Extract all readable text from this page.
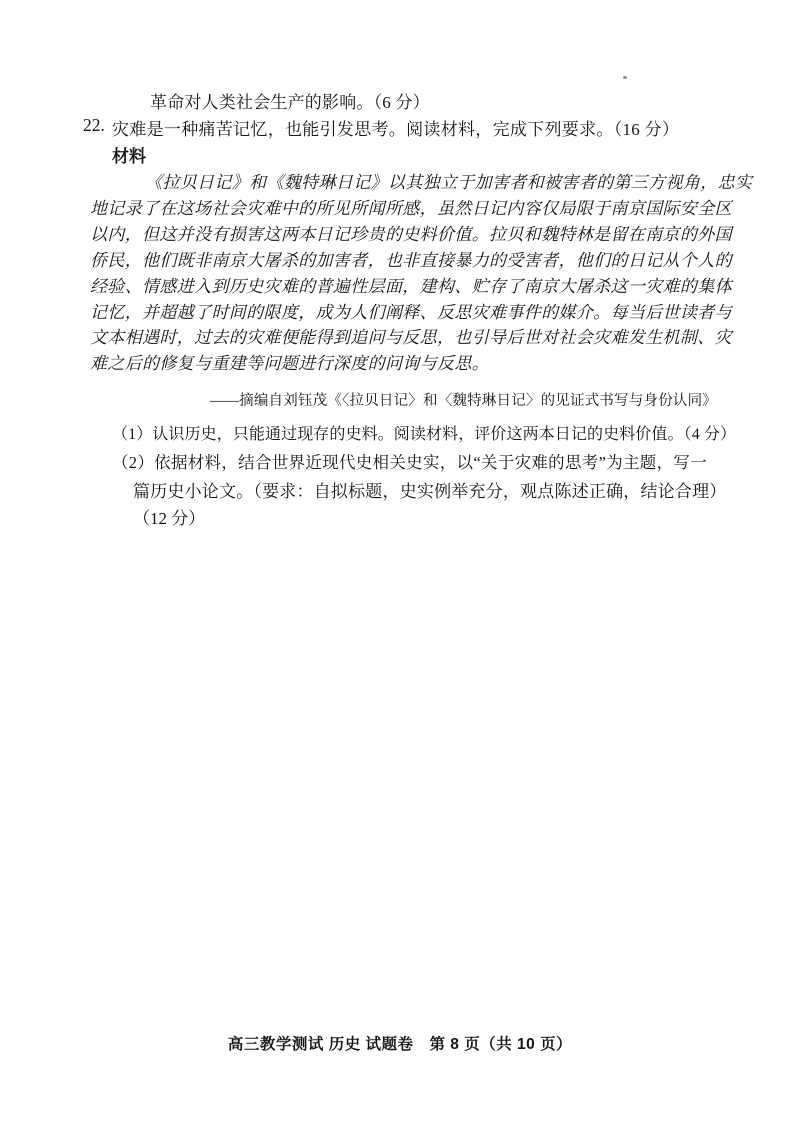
革命对人类社会生产的影响。（6 分）
22. 灾难是一种痛苦记忆，也能引发思考。阅读材料，完成下列要求。（16 分）
材料
《拉贝日记》和《魏特琳日记》以其独立于加害者和被害者的第三方视角，忠实
地记录了在这场社会灾难中的所见所闻所感，虽然日记内容仅局限于南京国际安全区
以内，但这并没有损害这两本日记珍贵的史料价值。拉贝和魏特林是留在南京的外国
侨民，他们既非南京大屠杀的加害者，也非直接暴力的受害者，他们的日记从个人的
经验、情感进入到历史灾难的普遍性层面，建构、贮存了南京大屠杀这一灾难的集体
记忆，并超越了时间的限度，成为人们阐释、反思灾难事件的媒介。每当后世读者与
文本相遇时，过去的灾难便能得到追问与反思，也引导后世对社会灾难发生机制、灾
难之后的修复与重建等问题进行深度的问询与反思。
——摘编自刘钰茂《〈拉贝日记〉和〈魏特琳日记〉的见证式书写与身份认同》
（1）认识历史，只能通过现存的史料。阅读材料，评价这两本日记的史料价值。（4 分）
（2）依据材料，结合世界近现代史相关史实，以“关于灾难的思考”为主题，写一
篇历史小论文。（要求：自拟标题，史实例举充分，观点陈述正确，结论合理）
（12 分）
高三教学测试 历史 试题卷　第 8 页（共 10 页）
